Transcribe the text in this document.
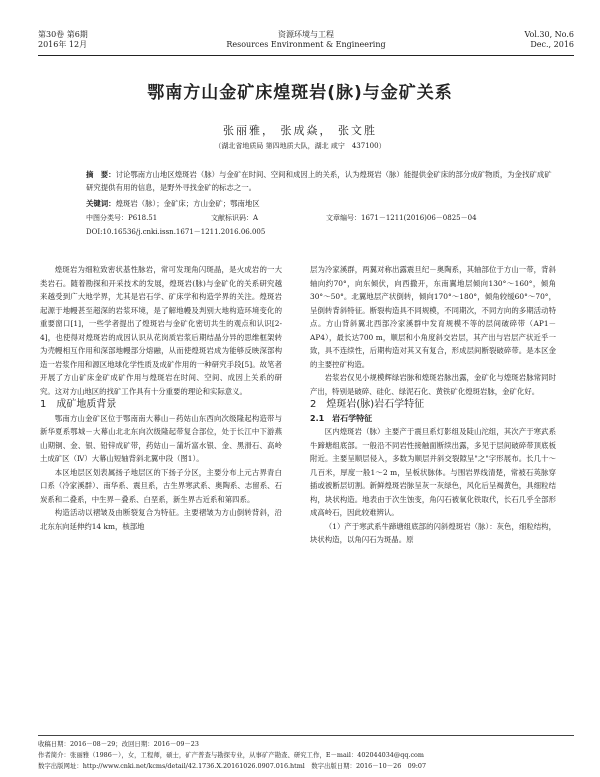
第30卷 第6期
2016年 12月
资源环境与工程
Resources Environment & Engineering
Vol.30, No.6
Dec., 2016
鄂南方山金矿床煌斑岩(脉)与金矿关系
张丽雅， 张成焱， 张文胜
（湖北省地质局 第四地质大队，湖北 咸宁　437100）
摘　要：讨论鄂南方山地区煌斑岩（脉）与金矿在时间、空间和成因上的关系，认为煌斑岩（脉）能提供金矿床的部分成矿物质，为金找矿成矿研究提供有用的信息，是野外寻找金矿的标志之一。
关键词：煌斑岩（脉）；金矿床；方山金矿；鄂南地区
中图分类号：P618.51	文献标识码：A	文章编号：1671－1211(2016)06－0825－04
DOI:10.16536/j.cnki.issn.1671－1211.2016.06.005

煌斑岩为细粒致密状基性脉岩，常可发现角闪斑晶，是火成岩的一大类岩石。随着勘探和开采技术的发展，煌斑岩(脉)与金矿化的关系研究越来越受到广大地学界，尤其是岩石学、矿床学和构造学界的关注。煌斑岩起源于地幔甚至超深的岩浆环境，是了解地幔及判别大地构造环境变化的重要窗口[1]，一些学者提出了煌斑岩与金矿化密切共生的观点和认识[2-4]，也使得对煌斑岩的成因认识从花岗质岩浆后期结晶分异的思维框架转为壳幔相互作用和深部地幔部分熔融，从而使煌斑岩成为能够反映深部构造一岩浆作用和源区地球化学性质及成矿作用的一种研究手段[5]。故笔者开展了方山矿床金矿成矿作用与煌斑岩在时间、空间、成因上关系的研究。这对方山地区的找矿工作具有十分重要的理论和实际意义。

1　成矿地质背景

鄂南方山金矿区位于鄂南南大幕山－药姑山东西向次级隆起构造带与新华夏系鄂城－大幕山北北东向次级隆起带复合部位，处于长江中下游燕山期铜、金、银、铅锌成矿带，药姑山－蒲圻富水银、金、黑滑石、高岭土成矿区（Ⅳ）大幕山短轴背斜北翼中段（图1）。

本区地层区划表属扬子地层区的下扬子分区，主要分布上元古界青白口系（冷家溪群）、南华系、震旦系，古生界寒武系、奥陶系、志留系、石炭系和二叠系，中生界－叠系、白垩系，新生界古近系和第四系。

构造活动以褶皱及由断裂复合为特征。主要褶皱为方山倒转背斜，沿北东东向延伸约14 km，核部地

层为冷家溪群，两翼对称出露震旦纪－奥陶系，其轴部位于方山一带，背斜轴向约70°，向东倾伏，向西撒开，东南翼地层倾向130°～160°，倾角30°～50°。北翼地层产状倒转，倾向170°～180°，倾角较缓60°～70°，呈倒转背斜特征。断裂构造具不同规模，不同期次，不同方向的多期活动特点。方山背斜翼北西部冷家溪群中发育规模不等的层间破碎带（AP1－AP4），最长达700 m，顺层和小角度斜交岩层，其产出与岩层产状近乎一致，具不连续性，后期构造对其又有复合，形成层间断裂破碎带。是本区金的主要控矿构造。

岩浆岩仅见小规模辉绿岩脉和煌斑岩脉出露，金矿化与煌斑岩脉常同时产出，特别是破碎、硅化、绿泥石化、黄铁矿化煌斑岩脉，金矿化好。

2　煌斑岩(脉)岩石学特征

2.1　岩石学特征

区内煌斑岩（脉）主要产于震旦系灯影组及陡山沱组，其次产于寒武系牛蹄塘组底部。一般沿不同岩性接触面断续出露，多见于层间破碎带顶底板附近。主要呈顺层侵入，多数为顺层并斜交裂隙呈"之"字形展布。长几十～几百米，厚度一般1～2 m，呈板状脉体。与围岩界线清楚，常被石英脉穿插或被断层切割。新鲜煌斑岩脉呈灰一灰绿色，风化后呈褐黄色，具细粒结构，块状构造。地表由于次生蚀变，角闪石被氧化铁取代，长石几乎全部形成高岭石，因此较难辨认。

（1）产于寒武系牛蹄塘组底部的闪斜煌斑岩（脉）：灰色，细粒结构，块状构造，以角闪石为斑晶。原

收稿日期：2016－08－29；改回日期：2016－09－23
作者简介：张丽雅（1986－），女，工程师，硕士，矿产普查与勘探专业，从事矿产勘查、研究工作，E－mail：402044034@qq.com
数字出版网址：http://www.cnki.net/kcms/detail/42.1736.X.20161026.0907.016.html　数字出版日期：2016－10－26　09:07
